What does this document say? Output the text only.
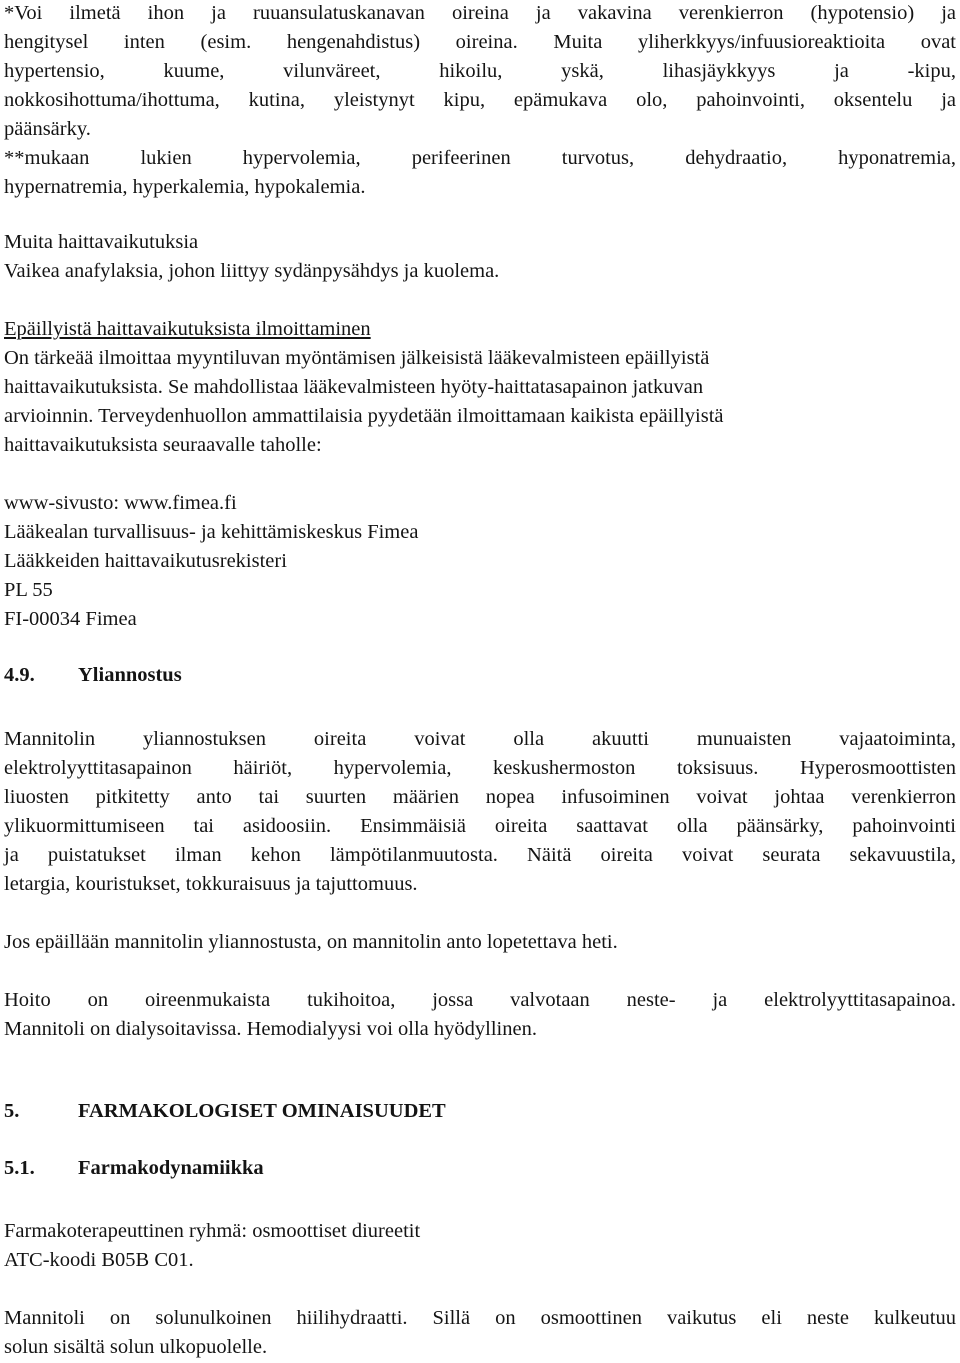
*Voi ilmetä ihon ja ruuansulatuskanavan oireina ja vakavina verenkierron (hypotensio) ja
hengitysel inten (esim. hengenahdistus) oireina. Muita yliherkkyys/infuusioreaktioita ovat
hypertensio, kuume, vilunväreet, hikoilu, yskä, lihasjäykkyys ja -kipu,
nokkosihottuma/ihottuma, kutina, yleistynyt kipu, epämukava olo, pahoinvointi, oksentelu ja
päänsärky.
**mukaan lukien hypervolemia, perifeerinen turvotus, dehydraatio, hyponatremia,
hypernatremia, hyperkalemia, hypokalemia.
Muita haittavaikutuksia
Vaikea anafylaksia, johon liittyy sydänpysähdys ja kuolema.
Epäillyistä haittavaikutuksista ilmoittaminen
On tärkeää ilmoittaa myyntiluvan myöntämisen jälkeisistä lääkevalmisteen epäillyistä
haittavaikutuksista. Se mahdollistaa lääkevalmisteen hyöty-haittatasapainon jatkuvan
arvioinnin. Terveydenhuollon ammattilaisia pyydetään ilmoittamaan kaikista epäillyistä
haittavaikutuksista seuraavalle taholle:
www-sivusto: www.fimea.fi
Lääkealan turvallisuus- ja kehittämiskeskus Fimea
Lääkkeiden haittavaikutusrekisteri
PL 55
FI-00034 Fimea
4.9. Yliannostus
Mannitolin yliannostuksen oireita voivat olla akuutti munuaisten vajaatoiminta,
elektrolyyttitasapainon häiriöt, hypervolemia, keskushermoston toksisuus. Hyperosmoottisten
liuosten pitkitetty anto tai suurten määrien nopea infusoiminen voivat johtaa verenkierron
ylikuormittumiseen tai asidoosiin. Ensimmäisiä oireita saattavat olla päänsärky, pahoinvointi
ja puistatukset ilman kehon lämpötilanmuutosta. Näitä oireita voivat seurata sekavuustila,
letargia, kouristukset, tokkuraisuus ja tajuttomuus.
Jos epäillään mannitolin yliannostusta, on mannitolin anto lopetettava heti.
Hoito on oireenmukaista tukihoitoa, jossa valvotaan neste- ja elektrolyyttitasapainoa.
Mannitoli on dialysoitavissa. Hemodialyysi voi olla hyödyllinen.
5.	FARMAKOLOGISET OMINAISUUDET
5.1. Farmakodynamiikka
Farmakoterapeuttinen ryhmä: osmoottiset diureetit
ATC-koodi B05B C01.
Mannitoli on solunulkoinen hiilihydraatti. Sillä on osmoottinen vaikutus eli neste kulkeutuu
solun sisältä solun ulkopuolelle.
